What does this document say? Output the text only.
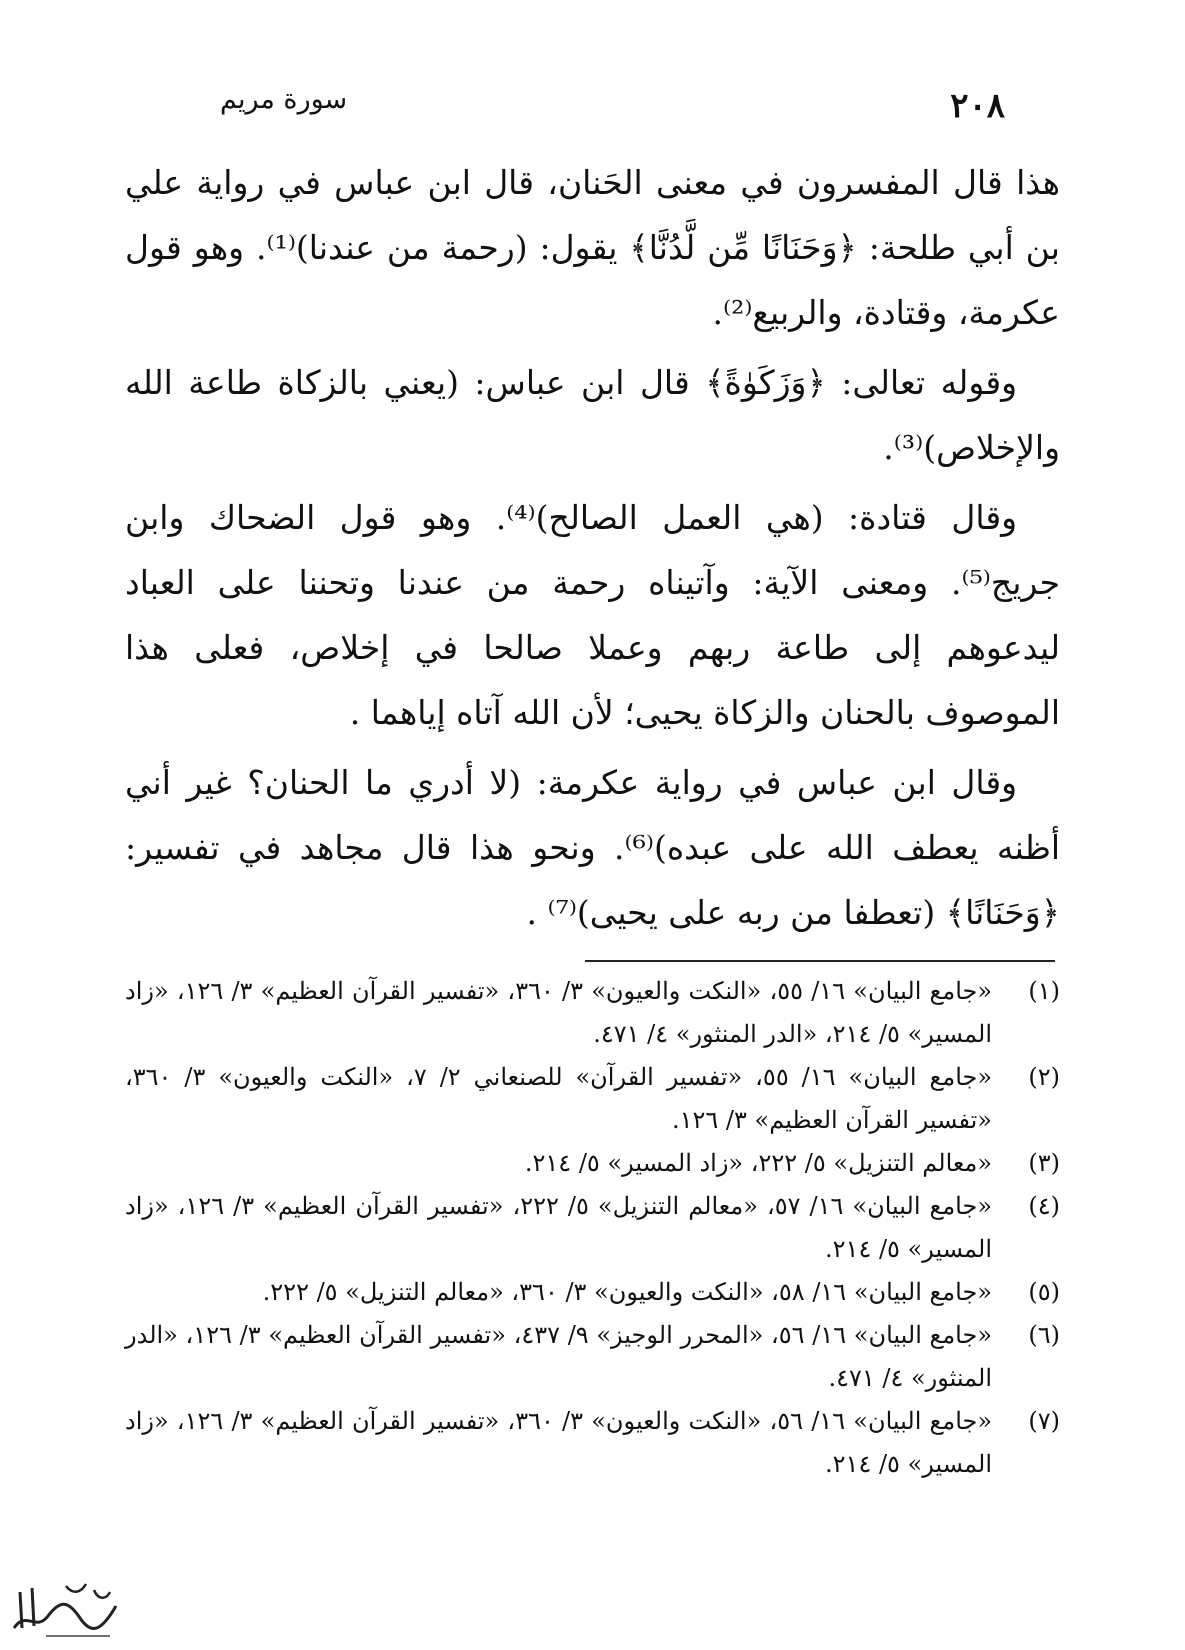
٢٠٨
سورة مريم

هذا قال المفسرون في معنى الحَنان، قال ابن عباس في رواية علي بن أبي طلحة: ﴿وَحَنَانًا مِّن لَّدُنَّا﴾ يقول: (رحمة من عندنا)⁽¹⁾. وهو قول عكرمة، وقتادة، والربيع⁽²⁾.

وقوله تعالى: ﴿وَزَكَوٰةً﴾ قال ابن عباس: (يعني بالزكاة طاعة الله والإخلاص)⁽³⁾.

وقال قتادة: (هي العمل الصالح)⁽⁴⁾. وهو قول الضحاك وابن جريج⁽⁵⁾. ومعنى الآية: وآتيناه رحمة من عندنا وتحننا على العباد ليدعوهم إلى طاعة ربهم وعملا صالحا في إخلاص، فعلى هذا الموصوف بالحنان والزكاة يحيى؛ لأن الله آتاه إياهما .

وقال ابن عباس في رواية عكرمة: (لا أدري ما الحنان؟ غير أني أظنه يعطف الله على عبده)⁽⁶⁾. ونحو هذا قال مجاهد في تفسير: ﴿وَحَنَانًا﴾ (تعطفا من ربه على يحيى)⁽⁷⁾ .

(١)
«جامع البيان» ١٦/ ٥٥، «النكت والعيون» ٣/ ٣٦٠، «تفسير القرآن العظيم» ٣/ ١٢٦، «زاد المسير» ٥/ ٢١٤، «الدر المنثور» ٤/ ٤٧١.
(٢)
«جامع البيان» ١٦/ ٥٥، «تفسير القرآن» للصنعاني ٢/ ٧، «النكت والعيون» ٣/ ٣٦٠، «تفسير القرآن العظيم» ٣/ ١٢٦.
(٣)
«معالم التنزيل» ٥/ ٢٢٢، «زاد المسير» ٥/ ٢١٤.
(٤)
«جامع البيان» ١٦/ ٥٧، «معالم التنزيل» ٥/ ٢٢٢، «تفسير القرآن العظيم» ٣/ ١٢٦، «زاد المسير» ٥/ ٢١٤.
(٥)
«جامع البيان» ١٦/ ٥٨، «النكت والعيون» ٣/ ٣٦٠، «معالم التنزيل» ٥/ ٢٢٢.
(٦)
«جامع البيان» ١٦/ ٥٦، «المحرر الوجيز» ٩/ ٤٣٧، «تفسير القرآن العظيم» ٣/ ١٢٦، «الدر المنثور» ٤/ ٤٧١.
(٧)
«جامع البيان» ١٦/ ٥٦، «النكت والعيون» ٣/ ٣٦٠، «تفسير القرآن العظيم» ٣/ ١٢٦، «زاد المسير» ٥/ ٢١٤.
